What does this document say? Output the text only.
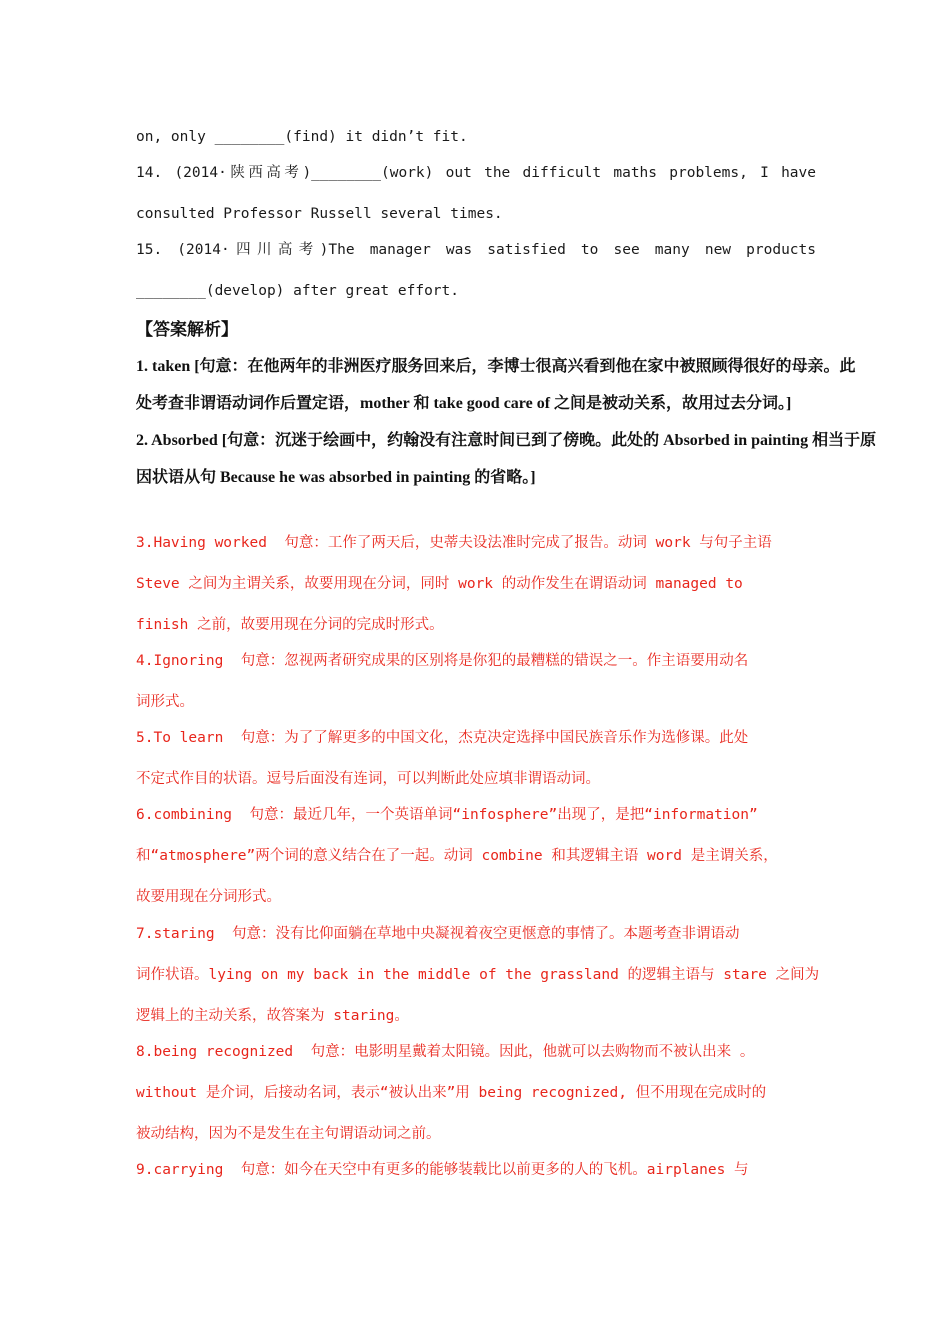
on, only ________(find) it didn’t fit.
14. (2014·陕西高考)________(work) out the difficult maths problems, I have
consulted Professor Russell several times.
15. (2014·四川高考)The manager was satisfied to see many new products
________(develop) after great effort.
【答案解析】
1. taken [句意：在他两年的非洲医疗服务回来后，李博士很高兴看到他在家中被照顾得很好的母亲。此
处考查非谓语动词作后置定语，mother 和 take good care of 之间是被动关系，故用过去分词。]
2. Absorbed [句意：沉迷于绘画中，约翰没有注意时间已到了傍晚。此处的 Absorbed in painting 相当于原
因状语从句 Because he was absorbed in painting 的省略。]
3.Having worked  句意：工作了两天后，史蒂夫设法准时完成了报告。动词 work 与句子主语
Steve 之间为主谓关系，故要用现在分词，同时 work 的动作发生在谓语动词 managed to
finish 之前，故要用现在分词的完成时形式。
4.Ignoring  句意：忽视两者研究成果的区别将是你犯的最糟糕的错误之一。作主语要用动名
词形式。
5.To learn  句意：为了了解更多的中国文化，杰克决定选择中国民族音乐作为选修课。此处
不定式作目的状语。逗号后面没有连词，可以判断此处应填非谓语动词。
6.combining  句意：最近几年，一个英语单词“infosphere”出现了，是把“information”
和“atmosphere”两个词的意义结合在了一起。动词 combine 和其逻辑主语 word 是主谓关系，
故要用现在分词形式。
7.staring  句意：没有比仰面躺在草地中央凝视着夜空更惬意的事情了。本题考查非谓语动
词作状语。lying on my back in the middle of the grassland 的逻辑主语与 stare 之间为
逻辑上的主动关系，故答案为 staring。
8.being recognized  句意：电影明星戴着太阳镜。因此，他就可以去购物而不被认出来 。
without 是介词，后接动名词，表示“被认出来”用 being recognized, 但不用现在完成时的
被动结构，因为不是发生在主句谓语动词之前。
9.carrying  句意：如今在天空中有更多的能够装载比以前更多的人的飞机。airplanes 与
